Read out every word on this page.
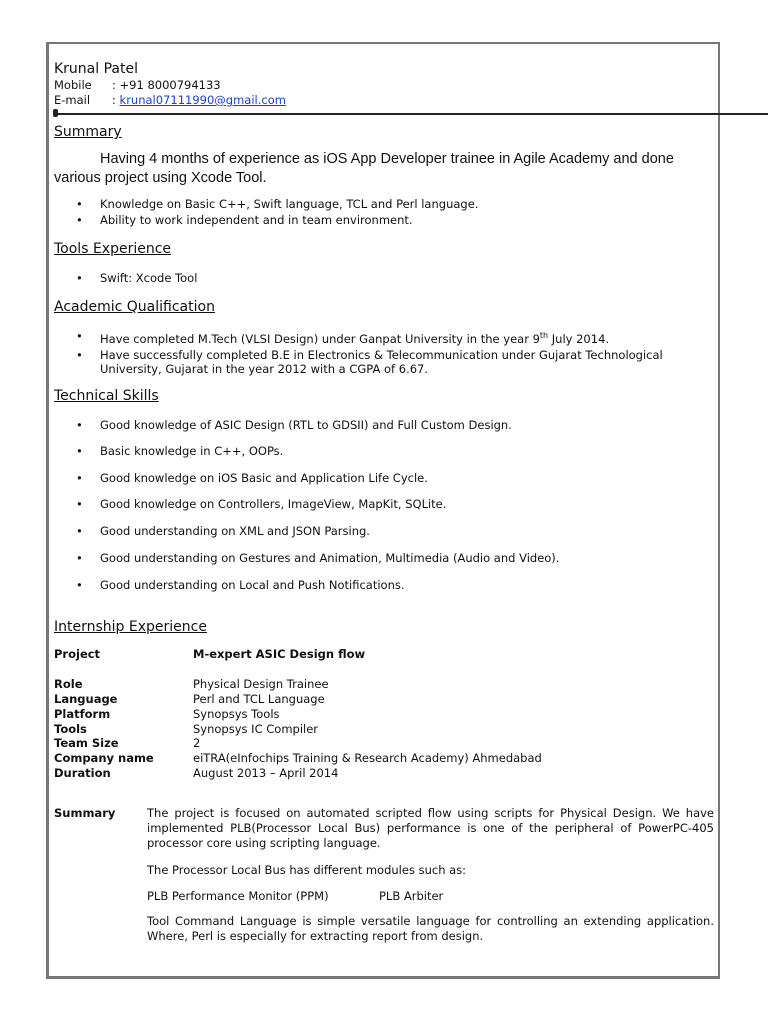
Krunal Patel
Mobile : +91 8000794133
E-mail : krunal07111990@gmail.com
Summary
Having 4 months of experience as iOS App Developer trainee in Agile Academy and done various project using Xcode Tool.
• Knowledge on Basic C++, Swift language, TCL and Perl language.
• Ability to work independent and in team environment.
Tools Experience
• Swift: Xcode Tool
Academic Qualification
• Have completed M.Tech (VLSI Design) under Ganpat University in the year 9th July 2014.
• Have successfully completed B.E in Electronics & Telecommunication under Gujarat Technological University, Gujarat in the year 2012 with a CGPA of 6.67.
Technical Skills
• Good knowledge of ASIC Design (RTL to GDSII) and Full Custom Design.
• Basic knowledge in C++, OOPs.
• Good knowledge on iOS Basic and Application Life Cycle.
• Good knowledge on Controllers, ImageView, MapKit, SQLite.
• Good understanding on XML and JSON Parsing.
• Good understanding on Gestures and Animation, Multimedia (Audio and Video).
• Good understanding on Local and Push Notifications.
Internship Experience
Project	M-expert ASIC Design flow
Role	Physical Design Trainee
Language	Perl and TCL Language
Platform	Synopsys Tools
Tools	Synopsys IC Compiler
Team Size	2
Company name	eiTRA(eInfochips Training & Research Academy) Ahmedabad
Duration	August 2013 – April 2014
Summary	The project is focused on automated scripted flow using scripts for Physical Design. We have implemented PLB(Processor Local Bus) performance is one of the peripheral of PowerPC-405 processor core using scripting language.
The Processor Local Bus has different modules such as:
PLB Performance Monitor (PPM)	PLB Arbiter
Tool Command Language is simple versatile language for controlling an extending application. Where, Perl is especially for extracting report from design.
